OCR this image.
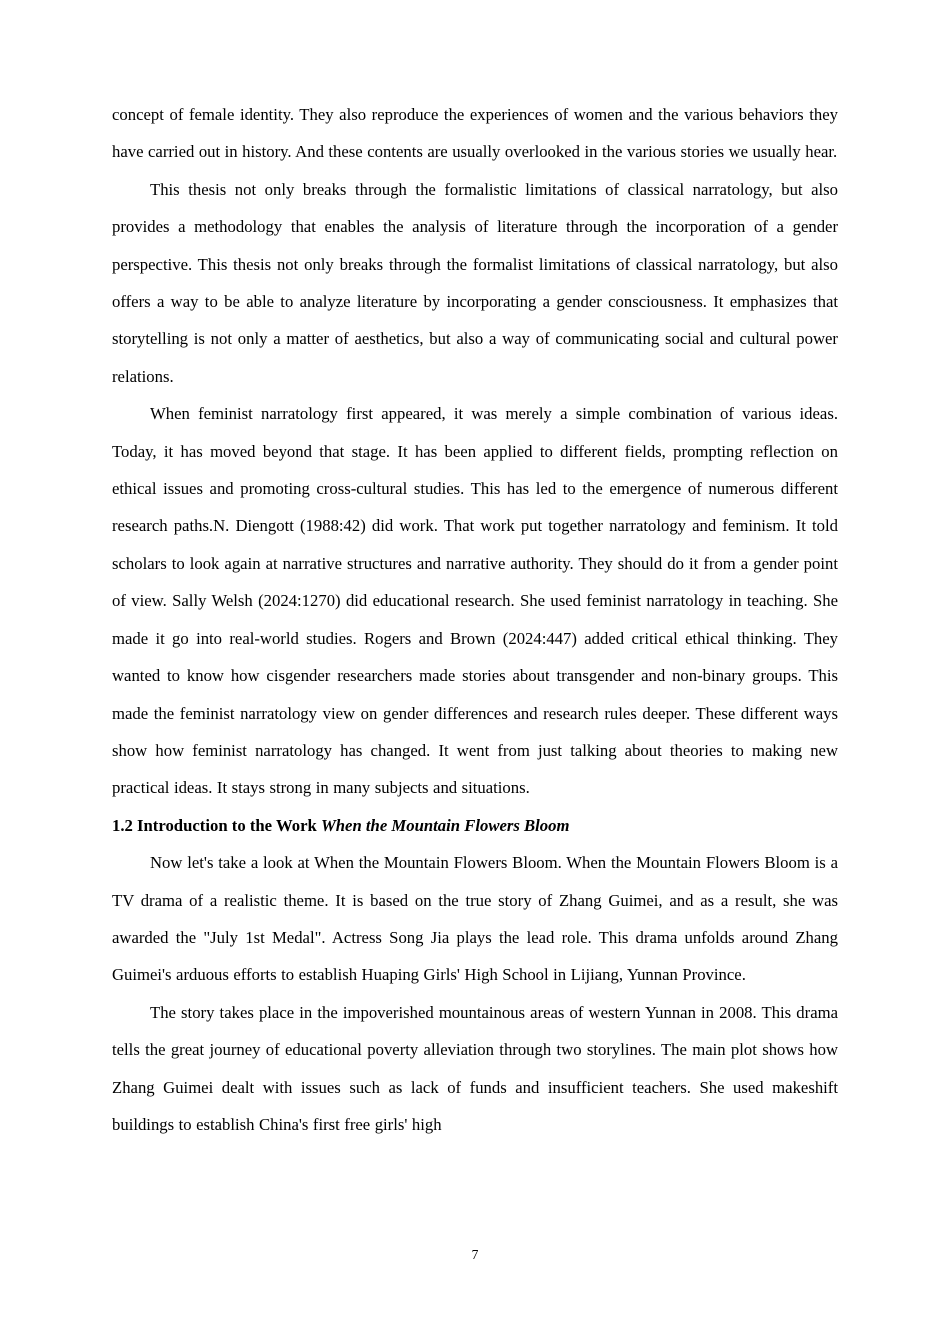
concept of female identity. They also reproduce the experiences of women and the various behaviors they have carried out in history. And these contents are usually overlooked in the various stories we usually hear.

This thesis not only breaks through the formalistic limitations of classical narratology, but also provides a methodology that enables the analysis of literature through the incorporation of a gender perspective. This thesis not only breaks through the formalist limitations of classical narratology, but also offers a way to be able to analyze literature by incorporating a gender consciousness. It emphasizes that storytelling is not only a matter of aesthetics, but also a way of communicating social and cultural power relations.

When feminist narratology first appeared, it was merely a simple combination of various ideas. Today, it has moved beyond that stage. It has been applied to different fields, prompting reflection on ethical issues and promoting cross-cultural studies. This has led to the emergence of numerous different research paths.N. Diengott (1988:42) did work. That work put together narratology and feminism. It told scholars to look again at narrative structures and narrative authority. They should do it from a gender point of view. Sally Welsh (2024:1270) did educational research. She used feminist narratology in teaching. She made it go into real-world studies. Rogers and Brown (2024:447) added critical ethical thinking. They wanted to know how cisgender researchers made stories about transgender and non-binary groups. This made the feminist narratology view on gender differences and research rules deeper. These different ways show how feminist narratology has changed. It went from just talking about theories to making new practical ideas. It stays strong in many subjects and situations.

1.2 Introduction to the Work When the Mountain Flowers Bloom

Now let's take a look at When the Mountain Flowers Bloom. When the Mountain Flowers Bloom is a TV drama of a realistic theme. It is based on the true story of Zhang Guimei, and as a result, she was awarded the "July 1st Medal". Actress Song Jia plays the lead role. This drama unfolds around Zhang Guimei's arduous efforts to establish Huaping Girls' High School in Lijiang, Yunnan Province.

The story takes place in the impoverished mountainous areas of western Yunnan in 2008. This drama tells the great journey of educational poverty alleviation through two storylines. The main plot shows how Zhang Guimei dealt with issues such as lack of funds and insufficient teachers. She used makeshift buildings to establish China's first free girls' high

7
